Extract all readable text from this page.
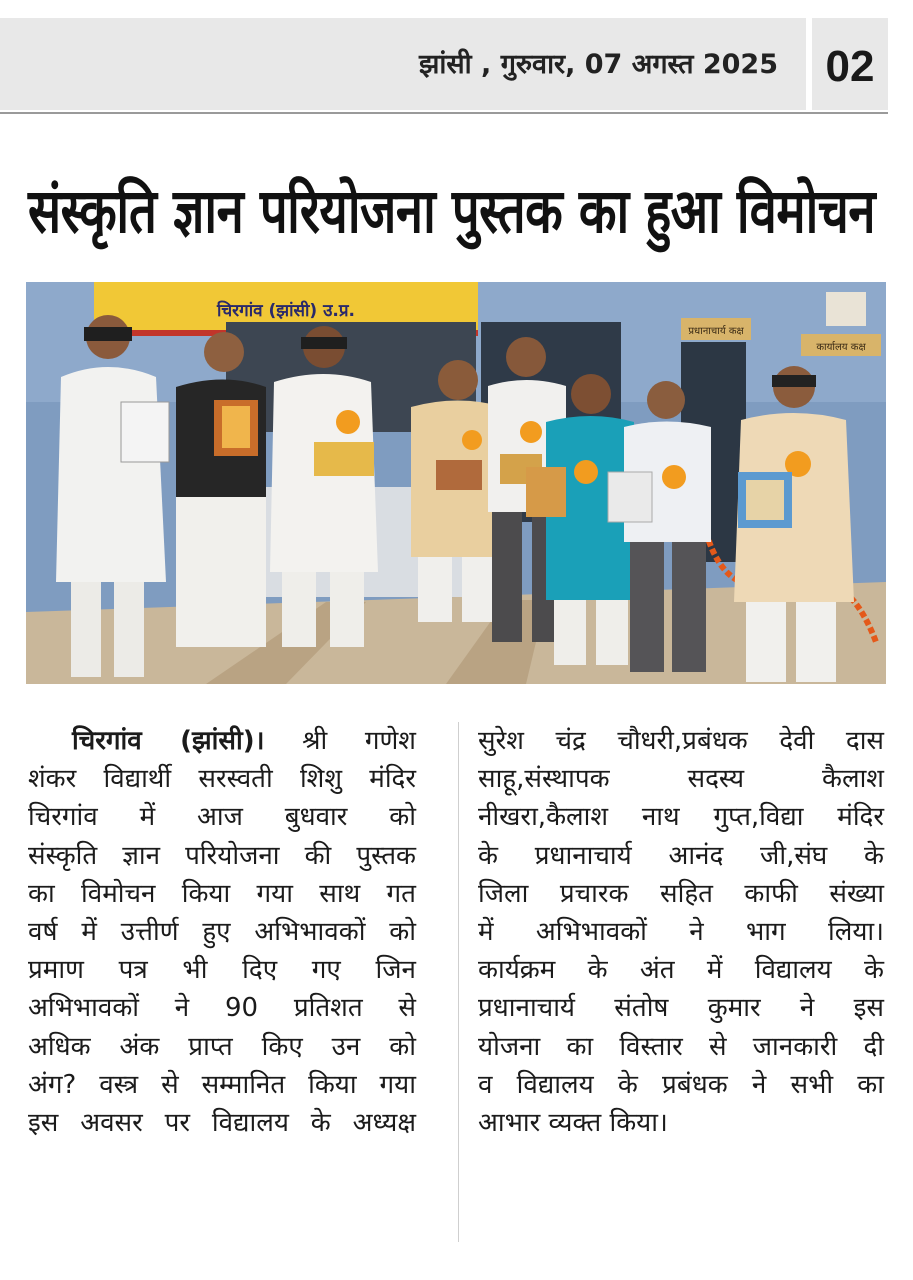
झांसी , गुरुवार, 07 अगस्त 2025	02
संस्कृति ज्ञान परियोजना पुस्तक का हुआ विमोचन
चिरगांव (झांसी) उ.प्र.
प्रधानाचार्य कक्ष
कार्यालय कक्ष
चिरगांव (झांसी)। श्री गणेश
शंकर विद्यार्थी सरस्वती शिशु मंदिर
चिरगांव में आज बुधवार को
संस्कृति ज्ञान परियोजना की पुस्तक
का विमोचन किया गया साथ गत
वर्ष में उत्तीर्ण हुए अभिभावकों को
प्रमाण पत्र भी दिए गए जिन
अभिभावकों ने 90 प्रतिशत से
अधिक अंक प्राप्त किए उन को
अंग? वस्त्र से सम्मानित किया गया
इस अवसर पर विद्यालय के अध्यक्ष
सुरेश चंद्र चौधरी,प्रबंधक देवी दास
साहू,संस्थापक सदस्य कैलाश
नीखरा,कैलाश नाथ गुप्त,विद्या मंदिर
के प्रधानाचार्य आनंद जी,संघ के
जिला प्रचारक सहित काफी संख्या
में अभिभावकों ने भाग लिया।
कार्यक्रम के अंत में विद्यालय के
प्रधानाचार्य संतोष कुमार ने इस
योजना का विस्तार से जानकारी दी
व विद्यालय के प्रबंधक ने सभी का
आभार व्यक्त किया।
